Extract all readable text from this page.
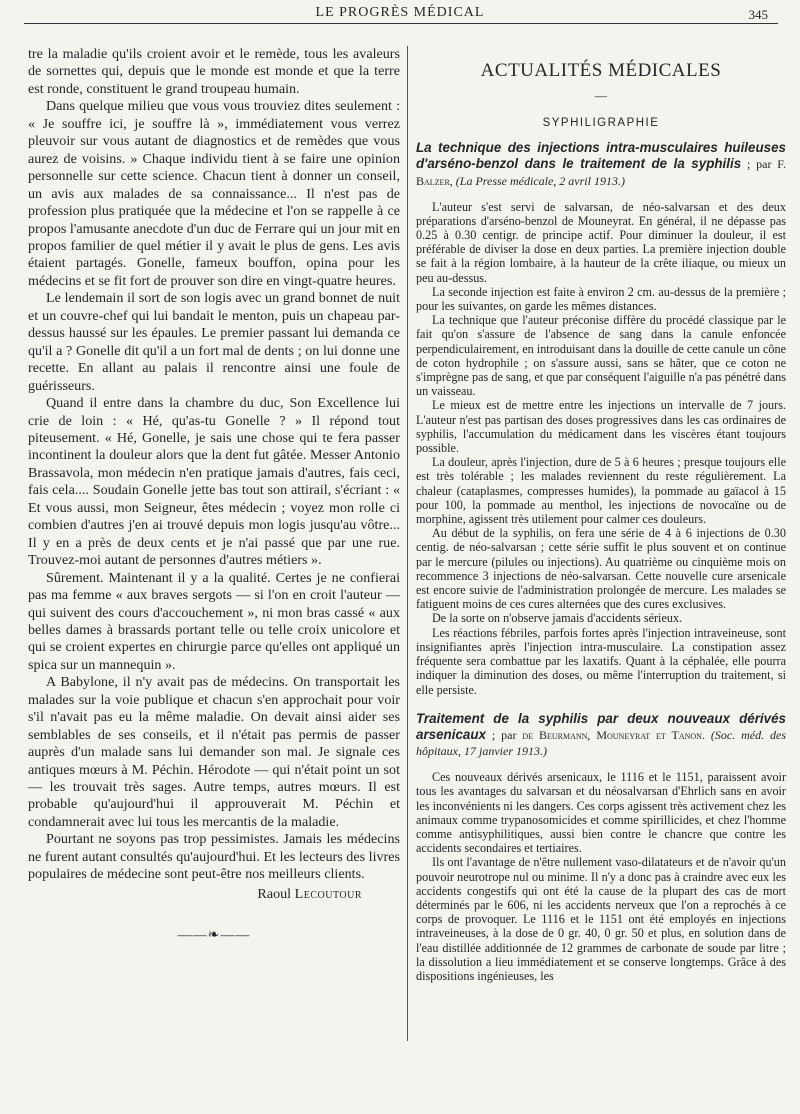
LE PROGRÈS MÉDICAL	345

tre la maladie qu'ils croient avoir et le remède, tous les avaleurs de sornettes qui, depuis que le monde est monde et que la terre est ronde, constituent le grand troupeau humain.

Dans quelque milieu que vous vous trouviez dites seulement : « Je souffre ici, je souffre là », immédiatement vous verrez pleuvoir sur vous autant de diagnostics et de remèdes que vous aurez de voisins. » Chaque individu tient à se faire une opinion personnelle sur cette science. Chacun tient à donner un conseil, un avis aux malades de sa connaissance... Il n'est pas de profession plus pratiquée que la médecine et l'on se rappelle à ce propos l'amusante anecdote d'un duc de Ferrare qui un jour mit en propos familier de quel métier il y avait le plus de gens. Les avis étaient partagés. Gonelle, fameux bouffon, opina pour les médecins et se fit fort de prouver son dire en vingt-quatre heures.

Le lendemain il sort de son logis avec un grand bonnet de nuit et un couvre-chef qui lui bandait le menton, puis un chapeau par-dessus haussé sur les épaules. Le premier passant lui demanda ce qu'il a ? Gonelle dit qu'il a un fort mal de dents ; on lui donne une recette. En allant au palais il rencontre ainsi une foule de guérisseurs.

Quand il entre dans la chambre du duc, Son Excellence lui crie de loin : « Hé, qu'as-tu Gonelle ? » Il répond tout piteusement. « Hé, Gonelle, je sais une chose qui te fera passer incontinent la douleur alors que la dent fut gâtée. Messer Antonio Brassavola, mon médecin n'en pratique jamais d'autres, fais ceci, fais cela.... Soudain Gonelle jette bas tout son attirail, s'écriant : « Et vous aussi, mon Seigneur, êtes médecin ; voyez mon rolle ci combien d'autres j'en ai trouvé depuis mon logis jusqu'au vôtre... Il y en a près de deux cents et je n'ai passé que par une rue. Trouvez-moi autant de personnes d'autres métiers ».

Sûrement. Maintenant il y a la qualité. Certes je ne confierai pas ma femme « aux braves sergots — si l'on en croit l'auteur — qui suivent des cours d'accouchement », ni mon bras cassé « aux belles dames à brassards portant telle ou telle croix unicolore et qui se croient expertes en chirurgie parce qu'elles ont appliqué un spica sur un mannequin ».

A Babylone, il n'y avait pas de médecins. On transportait les malades sur la voie publique et chacun s'en approchait pour voir s'il n'avait pas eu la même maladie. On devait ainsi aider ses semblables de ses conseils, et il n'était pas permis de passer auprès d'un malade sans lui demander son mal. Je signale ces antiques mœurs à M. Péchin. Hérodote — qui n'était point un sot — les trouvait très sages. Autre temps, autres mœurs. Il est probable qu'aujourd'hui il approuverait M. Péchin et condamnerait avec lui tous les mercantis de la maladie.

Pourtant ne soyons pas trop pessimistes. Jamais les médecins ne furent autant consultés qu'aujourd'hui. Et les lecteurs des livres populaires de médecine sont peut-être nos meilleurs clients.

Raoul Lecoutour

——❧——
ACTUALITÉS MÉDICALES
—
SYPHILIGRAPHIE

La technique des injections intra-musculaires huileuses d'arséno-benzol dans le traitement de la syphilis ; par F. Balzer, (La Presse médicale, 2 avril 1913.)

L'auteur s'est servi de salvarsan, de néo-salvarsan et des deux préparations d'arséno-benzol de Mouneyrat. En général, il ne dépasse pas 0.25 à 0.30 centigr. de principe actif. Pour diminuer la douleur, il est préférable de diviser la dose en deux parties. La première injection double se fait à la région lombaire, à la hauteur de la crête iliaque, ou mieux un peu au-dessus.

La seconde injection est faite à environ 2 cm. au-dessus de la première ; pour les suivantes, on garde les mêmes distances.

La technique que l'auteur préconise diffère du procédé classique par le fait qu'on s'assure de l'absence de sang dans la canule enfoncée perpendiculairement, en introduisant dans la douille de cette canule un cône de coton hydrophile ; on s'assure aussi, sans se hâter, que ce coton ne s'imprègne pas de sang, et que par conséquent l'aiguille n'a pas pénétré dans un vaisseau.

Le mieux est de mettre entre les injections un intervalle de 7 jours. L'auteur n'est pas partisan des doses progressives dans les cas ordinaires de syphilis, l'accumulation du médicament dans les viscères étant toujours possible.

La douleur, après l'injection, dure de 5 à 6 heures ; presque toujours elle est très tolérable ; les malades reviennent du reste régulièrement. La chaleur (cataplasmes, compresses humides), la pommade au gaïacol à 15 pour 100, la pommade au menthol, les injections de novocaïne ou de morphine, agissent très utilement pour calmer ces douleurs.

Au début de la syphilis, on fera une série de 4 à 6 injections de 0.30 centig. de néo-salvarsan ; cette série suffit le plus souvent et on continue par le mercure (pilules ou injections). Au quatrième ou cinquième mois on recommence 3 injections de néo-salvarsan. Cette nouvelle cure arsenicale est encore suivie de l'administration prolongée de mercure. Les malades se fatiguent moins de ces cures alternées que des cures exclusives.

De la sorte on n'observe jamais d'accidents sérieux.

Les réactions fébriles, parfois fortes après l'injection intraveineuse, sont insignifiantes après l'injection intra-musculaire. La constipation assez fréquente sera combattue par les laxatifs. Quant à la céphalée, elle pourra indiquer la diminution des doses, ou même l'interruption du traitement, si elle persiste.

Traitement de la syphilis par deux nouveaux dérivés arsenicaux ; par de Beurmann, Mouneyrat et Tanon. (Soc. méd. des hôpitaux, 17 janvier 1913.)

Ces nouveaux dérivés arsenicaux, le 1116 et le 1151, paraissent avoir tous les avantages du salvarsan et du néosalvarsan d'Ehrlich sans en avoir les inconvénients ni les dangers. Ces corps agissent très activement chez les animaux comme trypanosomicides et comme spirillicides, et chez l'homme comme antisyphilitiques, aussi bien contre le chancre que contre les accidents secondaires et tertiaires.

Ils ont l'avantage de n'être nullement vaso-dilatateurs et de n'avoir qu'un pouvoir neurotrope nul ou minime. Il n'y a donc pas à craindre avec eux les accidents congestifs qui ont été la cause de la plupart des cas de mort déterminés par le 606, ni les accidents nerveux que l'on a reprochés à ce corps de provoquer. Le 1116 et le 1151 ont été employés en injections intraveineuses, à la dose de 0 gr. 40, 0 gr. 50 et plus, en solution dans de l'eau distillée additionnée de 12 grammes de carbonate de soude par litre ; la dissolution a lieu immédiatement et se conserve longtemps. Grâce à des dispositions ingénieuses, les
